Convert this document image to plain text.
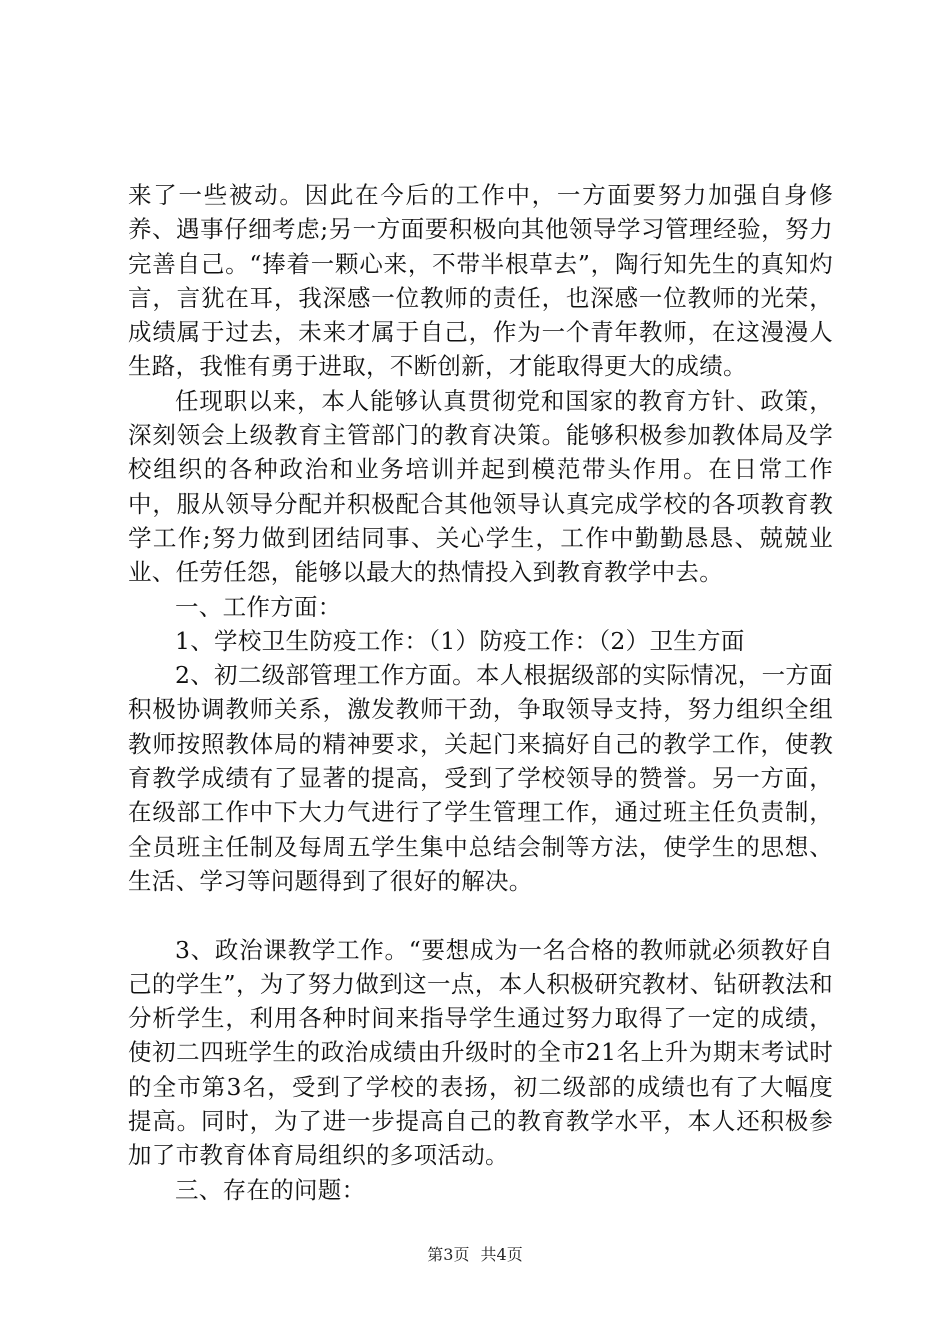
来了一些被动。因此在今后的工作中，一方面要努力加强自身修养、遇事仔细考虑;另一方面要积极向其他领导学习管理经验，努力完善自己。“捧着一颗心来，不带半根草去”，陶行知先生的真知灼言，言犹在耳，我深感一位教师的责任，也深感一位教师的光荣，成绩属于过去，未来才属于自己，作为一个青年教师，在这漫漫人生路，我惟有勇于进取，不断创新，才能取得更大的成绩。

任现职以来，本人能够认真贯彻党和国家的教育方针、政策，深刻领会上级教育主管部门的教育决策。能够积极参加教体局及学校组织的各种政治和业务培训并起到模范带头作用。在日常工作中，服从领导分配并积极配合其他领导认真完成学校的各项教育教学工作;努力做到团结同事、关心学生，工作中勤勤恳恳、兢兢业业、任劳任怨，能够以最大的热情投入到教育教学中去。

一、工作方面：

1、学校卫生防疫工作：（1）防疫工作：（2）卫生方面

2、初二级部管理工作方面。本人根据级部的实际情况，一方面积极协调教师关系，激发教师干劲，争取领导支持，努力组织全组教师按照教体局的精神要求，关起门来搞好自己的教学工作，使教育教学成绩有了显著的提高，受到了学校领导的赞誉。另一方面，在级部工作中下大力气进行了学生管理工作，通过班主任负责制，全员班主任制及每周五学生集中总结会制等方法，使学生的思想、生活、学习等问题得到了很好的解决。

3、政治课教学工作。“要想成为一名合格的教师就必须教好自己的学生”，为了努力做到这一点，本人积极研究教材、钻研教法和分析学生，利用各种时间来指导学生通过努力取得了一定的成绩，使初二四班学生的政治成绩由升级时的全市21名上升为期末考试时的全市第3名，受到了学校的表扬，初二级部的成绩也有了大幅度提高。同时，为了进一步提高自己的教育教学水平，本人还积极参加了市教育体育局组织的多项活动。

三、存在的问题：

第3页 共4页
